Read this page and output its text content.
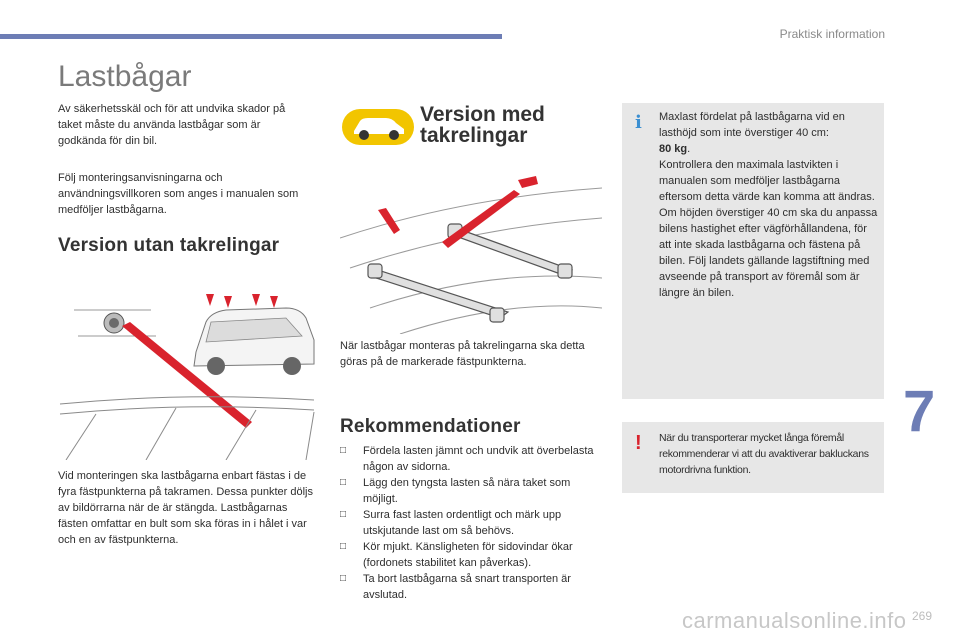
Praktisk information
Lastbågar
Av säkerhetsskäl och för att undvika skador på taket måste du använda lastbågar som är godkända för din bil.
Följ monteringsanvisningarna och användningsvillkoren som anges i manualen som medföljer lastbågarna.
Version utan takrelingar
Vid monteringen ska lastbågarna enbart fästas i de fyra fästpunkterna på takramen. Dessa punkter döljs av bildörrarna när de är stängda. Lastbågarnas fästen omfattar en bult som ska föras in i hålet i var och en av fästpunkterna.
Version med
takrelingar
När lastbågar monteras på takrelingarna ska detta göras på de markerade fästpunkterna.
Rekommendationer
□ Fördela lasten jämnt och undvik att överbelasta någon av sidorna.
□ Lägg den tyngsta lasten så nära taket som möjligt.
□ Surra fast lasten ordentligt och märk upp utskjutande last om så behövs.
□ Kör mjukt. Känsligheten för sidovindar ökar (fordonets stabilitet kan påverkas).
□ Ta bort lastbågarna så snart transporten är avslutad.
i Maxlast fördelat på lastbågarna vid en lasthöjd som inte överstiger 40 cm:
80 kg.
Kontrollera den maximala lastvikten i manualen som medföljer lastbågarna eftersom detta värde kan komma att ändras. Om höjden överstiger 40 cm ska du anpassa bilens hastighet efter vägförhållandena, för att inte skada lastbågarna och fästena på bilen. Följ landets gällande lagstiftning med avseende på transport av föremål som är längre än bilen.
! När du transporterar mycket långa föremål rekommenderar vi att du avaktiverar bakluckans motordrivna funktion.
7
carmanualsonline.info 269
